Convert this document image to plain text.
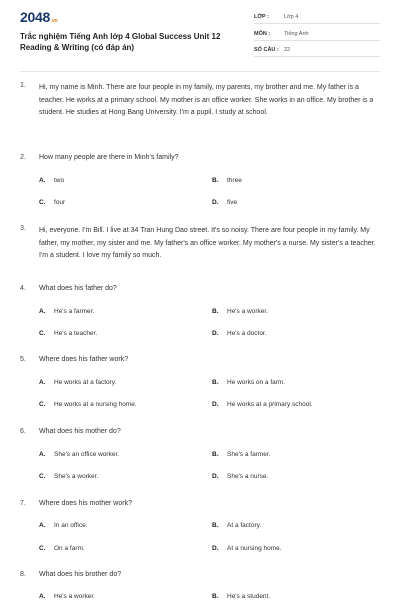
2048.vn
Trắc nghiệm Tiếng Anh lớp 4 Global Success Unit 12
Reading & Writing (có đáp án)
LỚP :	Lớp 4
MÔN :	Tiếng Anh
SỐ CÂU : 22
1. Hi, my name is Minh. There are four people in my family, my parents, my brother and me. My father is a teacher. He works at a primary school. My mother is an office worker. She works in an office. My brother is a student. He studies at Hong Bang University. I'm a pupil. I study at school.
2. How many people are there in Minh's family?
A. two	B. three
C. four	D. five
3. Hi, everyone. I'm Bill. I live at 34 Tran Hung Dao street. It's so noisy. There are four people in my family. My father, my mother, my sister and me. My father's an office worker. My mother's a nurse. My sister's a teacher. I'm a student. I love my family so much.
4. What does his father do?
A. He's a farmer.	B. He's a worker.
C. He's a teacher.	D. He's a doctor.
5. Where does his father work?
A. He works at a factory.	B. He works on a farm.
C. He works at a nursing home.	D. He works at a primary school.
6. What does his mother do?
A. She's an office worker.	B. She's a farmer.
C. She's a worker.	D. She's a nurse.
7. Where does his mother work?
A. In an office.	B. At a factory.
C. On a farm.	D. At a nursing home.
8. What does his brother do?
A. He's a worker.	B. He's a student.
